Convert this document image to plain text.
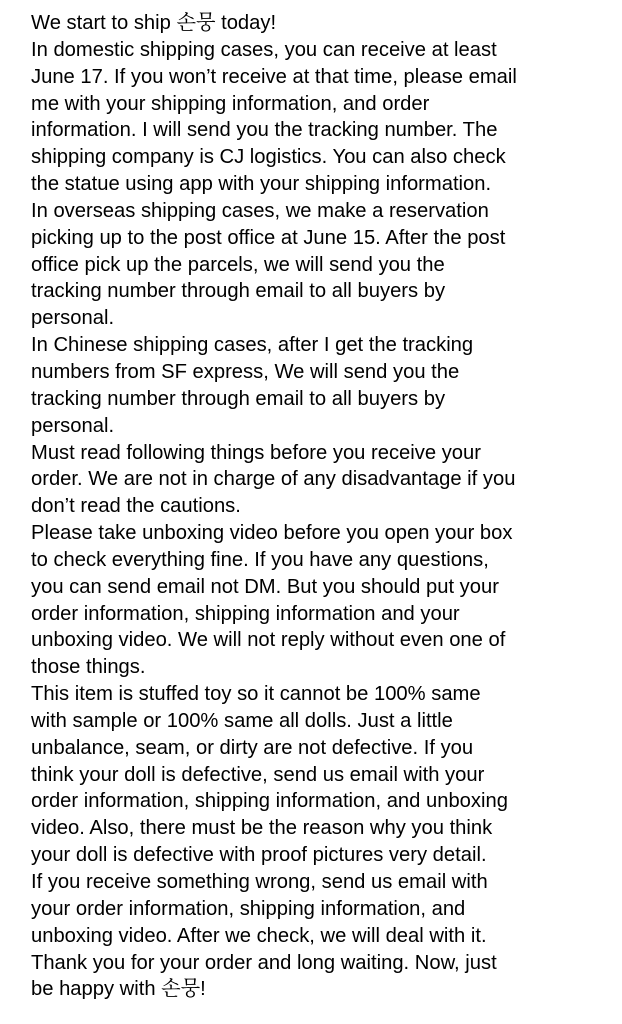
We start to ship 손뭉 today!
In domestic shipping cases, you can receive at least
June 17. If you won’t receive at that time, please email
me with your shipping information, and order
information. I will send you the tracking number. The
shipping company is CJ logistics. You can also check
the statue using app with your shipping information.
In overseas shipping cases, we make a reservation
picking up to the post office at June 15. After the post
office pick up the parcels, we will send you the
tracking number through email to all buyers by
personal.
In Chinese shipping cases, after I get the tracking
numbers from SF express, We will send you the
tracking number through email to all buyers by
personal.
Must read following things before you receive your
order. We are not in charge of any disadvantage if you
don’t read the cautions.
Please take unboxing video before you open your box
to check everything fine. If you have any questions,
you can send email not DM. But you should put your
order information, shipping information and your
unboxing video. We will not reply without even one of
those things.
This item is stuffed toy so it cannot be 100% same
with sample or 100% same all dolls. Just a little
unbalance, seam, or dirty are not defective. If you
think your doll is defective, send us email with your
order information, shipping information, and unboxing
video. Also, there must be the reason why you think
your doll is defective with proof pictures very detail.
If you receive something wrong, send us email with
your order information, shipping information, and
unboxing video. After we check, we will deal with it.
Thank you for your order and long waiting. Now, just
be happy with 손뭉!
